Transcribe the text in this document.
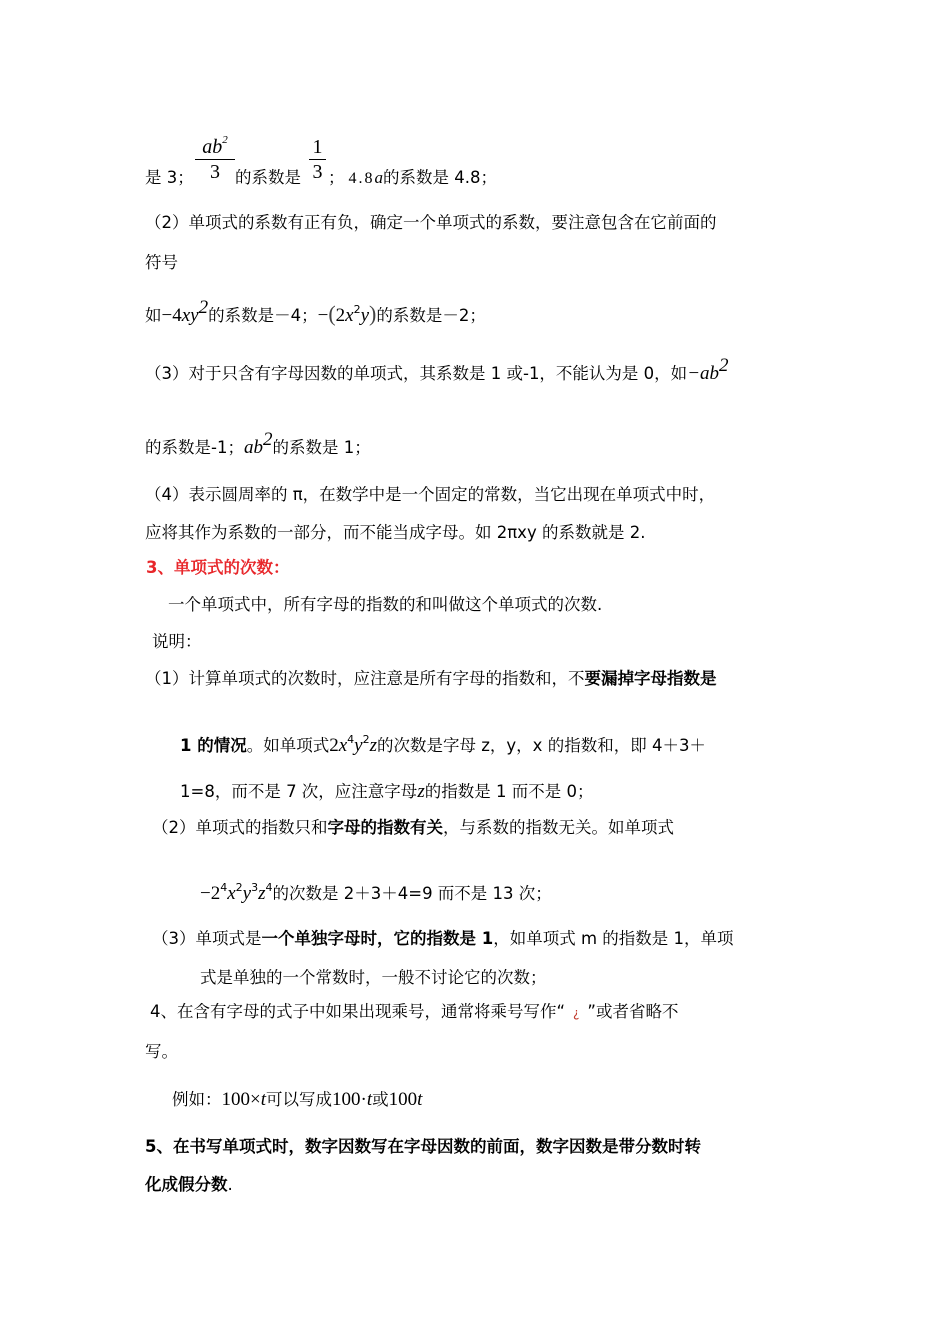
是 3；
$ab^2$
3 的系数是
1
3 ； 4.8a的系数是 4.8；
（2）单项式的系数有正有负，确定一个单项式的系数，要注意包含在它前面的
符号
如$-4xy^2$的系数是－4；$-(2x^2y)$的系数是－2；
（3）对于只含有字母因数的单项式，其系数是 1 或-1，不能认为是 0，如$-ab^2$
的系数是-1；$ab^2$的系数是 1；
（4）表示圆周率的 π，在数学中是一个固定的常数，当它出现在单项式中时，
应将其作为系数的一部分，而不能当成字母。如 2πxy 的系数就是 2.
3、单项式的次数：
一个单项式中，所有字母的指数的和叫做这个单项式的次数.
说明：
（1）计算单项式的次数时，应注意是所有字母的指数和，不要漏掉字母指数是
1 的情况。如单项式$2x^4y^2z$的次数是字母 z，y，x 的指数和，即 4＋3＋
1=8，而不是 7 次，应注意字母z的指数是 1 而不是 0；
（2）单项式的指数只和字母的指数有关，与系数的指数无关。如单项式
$-2^4x^2y^3z^4$的次数是 2＋3＋4=9 而不是 13 次；
（3）单项式是一个单独字母时，它的指数是 1，如单项式 m 的指数是 1，单项
式是单独的一个常数时，一般不讨论它的次数；
4、在含有字母的式子中如果出现乘号，通常将乘号写作“ ¿ ”或者省略不
写。
例如：100×t可以写成100·t或100t
5、在书写单项式时，数字因数写在字母因数的前面，数字因数是带分数时转
化成假分数.
